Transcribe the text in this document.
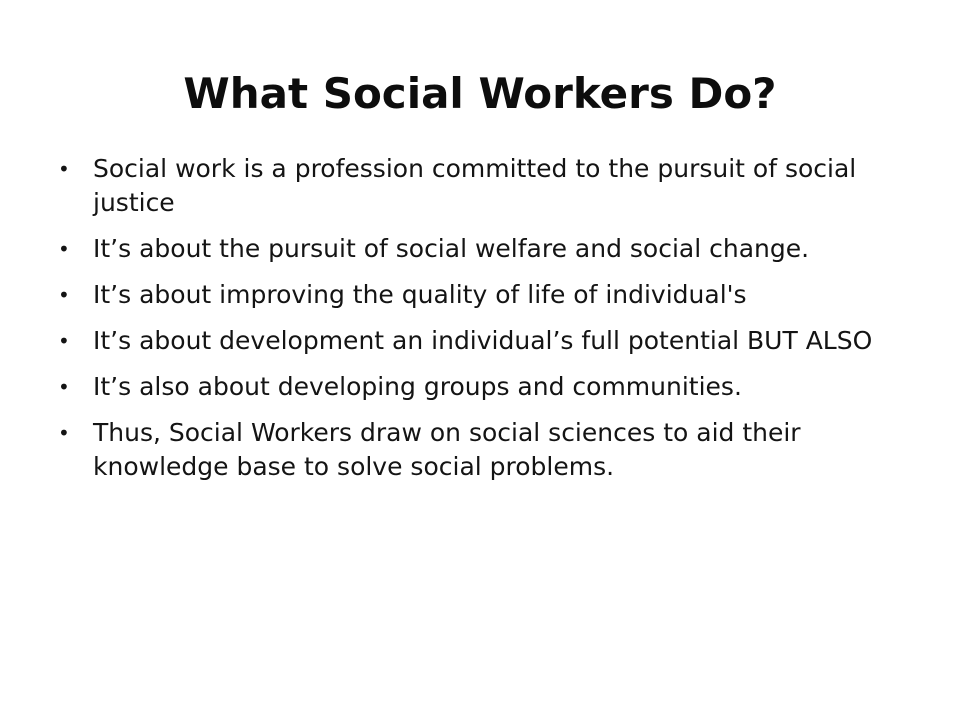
What Social Workers Do?
• Social work is a profession committed to the pursuit of social justice
• It’s about the pursuit of social welfare and social change.
• It’s about improving the quality of life of individual's
• It’s about development an individual’s full potential BUT ALSO
• It’s also about developing groups and communities.
• Thus, Social Workers draw on social sciences to aid their knowledge base to solve social problems.
